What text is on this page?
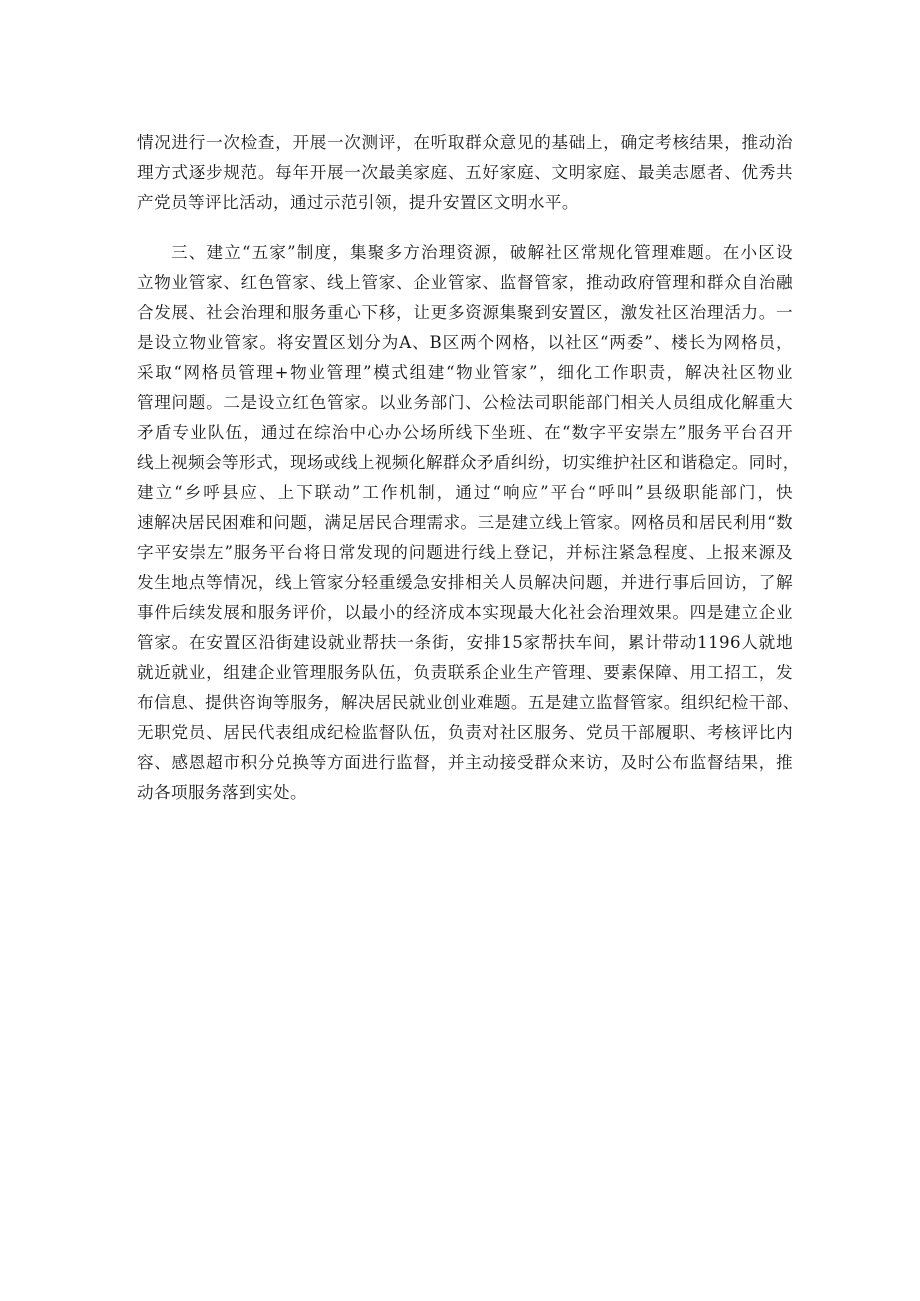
情况进行一次检查，开展一次测评，在听取群众意见的基础上，确定考核结果，推动治
理方式逐步规范。每年开展一次最美家庭、五好家庭、文明家庭、最美志愿者、优秀共
产党员等评比活动，通过示范引领，提升安置区文明水平。
三、建立“五家”制度，集聚多方治理资源，破解社区常规化管理难题。在小区设
立物业管家、红色管家、线上管家、企业管家、监督管家，推动政府管理和群众自治融
合发展、社会治理和服务重心下移，让更多资源集聚到安置区，激发社区治理活力。一
是设立物业管家。将安置区划分为A、B区两个网格，以社区“两委”、楼长为网格员，
采取“网格员管理+物业管理”模式组建“物业管家”，细化工作职责，解决社区物业
管理问题。二是设立红色管家。以业务部门、公检法司职能部门相关人员组成化解重大
矛盾专业队伍，通过在综治中心办公场所线下坐班、在“数字平安崇左”服务平台召开
线上视频会等形式，现场或线上视频化解群众矛盾纠纷，切实维护社区和谐稳定。同时，
建立“乡呼县应、上下联动”工作机制，通过“响应”平台“呼叫”县级职能部门，快
速解决居民困难和问题，满足居民合理需求。三是建立线上管家。网格员和居民利用“数
字平安崇左”服务平台将日常发现的问题进行线上登记，并标注紧急程度、上报来源及
发生地点等情况，线上管家分轻重缓急安排相关人员解决问题，并进行事后回访，了解
事件后续发展和服务评价，以最小的经济成本实现最大化社会治理效果。四是建立企业
管家。在安置区沿街建设就业帮扶一条街，安排15家帮扶车间，累计带动1196人就地
就近就业，组建企业管理服务队伍，负责联系企业生产管理、要素保障、用工招工，发
布信息、提供咨询等服务，解决居民就业创业难题。五是建立监督管家。组织纪检干部、
无职党员、居民代表组成纪检监督队伍，负责对社区服务、党员干部履职、考核评比内
容、感恩超市积分兑换等方面进行监督，并主动接受群众来访，及时公布监督结果，推
动各项服务落到实处。
